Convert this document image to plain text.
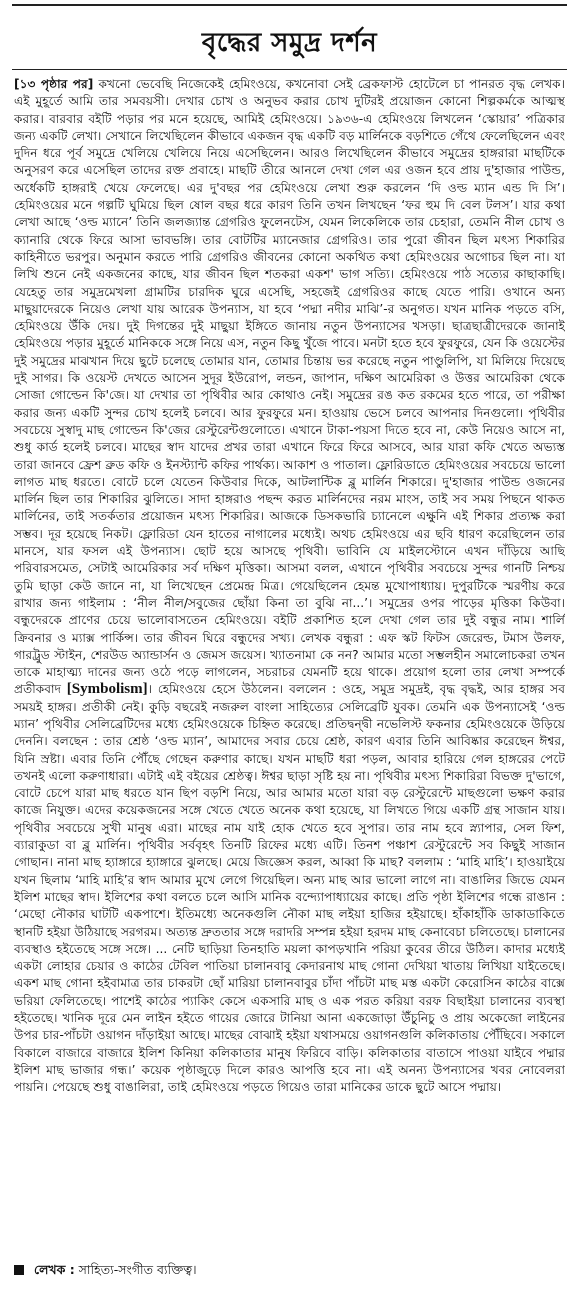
বৃদ্ধের সমুদ্র দর্শন

[১৩ পৃষ্ঠার পর] কখনো ভেবেছি নিজেকেই হেমিংওয়ে, কখনোবা সেই ব্রেকফাস্ট হোটেলে চা পানরত বৃদ্ধ লেখক। এই মুহূর্তে আমি তার সমবয়সী। দেখার চোখ ও অনুভব করার চোখ দুটিরই প্রয়োজন কোনো শিল্পকর্মকে আত্মস্থ করার। বারবার বইটি পড়ার পর মনে হয়েছে, আমিই হেমিংওয়ে। ১৯৩৬-এ হেমিংওয়ে লিখলেন ‘স্কোয়ার’ পত্রিকার জন্য একটি লেখা। সেখানে লিখেছিলেন কীভাবে একজন বৃদ্ধ একটি বড় মার্লিনকে বড়শিতে গেঁথে ফেলেছিলেন এবং দুদিন ধরে পূর্ব সমুদ্রে খেলিয়ে খেলিয়ে নিয়ে এসেছিলেন। আরও লিখেছিলেন কীভাবে সমুদ্রের হাঙ্গরারা মাছটিকে অনুসরণ করে এসেছিল তাদের রক্ত প্রবাহে। মাছটি তীরে আনলে দেখা গেল এর ওজন হবে প্রায় দু'হাজার পাউন্ড, অর্ধেকটি হাঙ্গরাই খেয়ে ফেলেছে। এর দু'বছর পর হেমিংওয়ে লেখা শুরু করলেন ‘দি ওল্ড ম্যান এন্ড দি সি’। হেমিংওয়ের মনে গল্পটি ঘুমিয়ে ছিল ষোল বছর ধরে কারণ তিনি তখন লিখছেন ‘ফর হুম দি বেল টলস’। যার কথা লেখা আছে ‘ওল্ড ম্যানে’ তিনি জলজ্যান্ত গ্রেগরিও ফুলেনটেস, যেমন লিকেলিকে তার চেহারা, তেমনি নীল চোখ ও ক্যানারি থেকে ফিরে আসা ভাবভঙ্গি। তার বোটটির ম্যানেজার গ্রেগরিও। তার পুরো জীবন ছিল মৎস্য শিকারির কাহিনীতে ভরপুর। অনুমান করতে পারি গ্রেগরিও জীবনের কোনো অকথিত কথা হেমিংওয়ের অগোচর ছিল না। যা লিখি শুনে নেই একজনের কাছে, যার জীবন ছিল শতকরা একশ' ভাগ সত্যি। হেমিংওয়ে পাঠ সত্যের কাছাকাছি। যেহেতু তার সমুদ্রমেখলা গ্রামটির চারদিক ঘুরে এসেছি, সহজেই গ্রেগরিওর কাছে যেতে পারি। ওখানে অন্য মাছুয়াদেরকে নিয়েও লেখা যায় আরেক উপন্যাস, যা হবে ‘পদ্মা নদীর মাঝি’-র অনুগত। যখন মানিক পড়তে বসি, হেমিংওয়ে উঁকি দেয়। দুই দিগন্তের দুই মাছুয়া ইঙ্গিতে জানায় নতুন উপন্যাসের খসড়া। ছাত্রছাত্রীদেরকে জানাই হেমিংওয়ে পড়ার মুহূর্তে মানিককে সঙ্গে নিয়ে এস, নতুন কিছু খুঁজে পাবে। মনটা হতে হবে ফুরফুরে, যেন কি ওয়েস্টের দুই সমুদ্রের মাঝখান দিয়ে ছুটে চলেছে তোমার যান, তোমার চিন্তায় ভর করেছে নতুন পাণ্ডুলিপি, যা মিলিয়ে দিয়েছে দুই সাগর। কি ওয়েস্ট দেখতে আসেন সুদূর ইউরোপ, লন্ডন, জাপান, দক্ষিণ আমেরিকা ও উত্তর আমেরিকা থেকে সোজা গোল্ডেন কি'জে। যা দেখার তা পৃথিবীর আর কোথাও নেই। সমুদ্রের রঙ কত রকমের হতে পারে, তা পরীক্ষা করার জন্য একটি সুন্দর চোখ হলেই চলবে। আর ফুরফুরে মন। হাওয়ায় ভেসে চলবে আপনার দিনগুলো। পৃথিবীর সবচেয়ে সুস্বাদু মাছ গোল্ডেন কি'জের রেস্টুরেন্টগুলোতে। এখানে টাকা-পয়সা দিতে হবে না, কেউ নিয়েও আসে না, শুধু কার্ড হলেই চলবে। মাছের স্বাদ যাদের প্রখর তারা এখানে ফিরে ফিরে আসবে, আর যারা কফি খেতে অভ্যস্ত তারা জানবে ফ্রেশ ব্রুড কফি ও ইনস্ট্যান্ট কফির পার্থক্য। আকাশ ও পাতাল। ফ্লোরিডাতে হেমিংওয়ের সবচেয়ে ভালো লাগত মাছ ধরতে। বোটে চলে যেতেন কিউবার দিকে, আটলান্টিক ব্লু মার্লিন শিকারে। দু'হাজার পাউন্ড ওজনের মার্লিন ছিল তার শিকারির ঝুলিতে। সাদা হাঙ্গরাও পছন্দ করত মার্লিনদের নরম মাংস, তাই সব সময় পিছনে থাকত মার্লিনের, তাই সতর্কতার প্রয়োজন মৎস্য শিকারির। আজকে ডিসকভারি চ্যানেলে এক্ষুনি এই শিকার প্রত্যক্ষ করা সম্ভব। দূর হয়েছে নিকট। ফ্লোরিডা যেন হাতের নাগালের মধ্যেই। অথচ হেমিংওয়ে এর ছবি ধারণ করেছিলেন তার মানসে, যার ফসল এই উপন্যাস। ছোট হয়ে আসছে পৃথিবী। ভাবিনি যে মাইলস্টোনে এখন দাঁড়িয়ে আছি পরিবারসমেত, সেটাই আমেরিকার সর্ব দক্ষিণ মৃত্তিকা। আসমা বলল, এখানে পৃথিবীর সবচেয়ে সুন্দর গানটি নিশ্চয় তুমি ছাড়া কেউ জানে না, যা লিখেছেন প্রেমেন্দ্র মিত্র। গেয়েছিলেন হেমন্ত মুখোপাধ্যায়। দুপুরটিকে স্মরণীয় করে রাখার জন্য গাইলাম : ‘নীল নীল/সবুজের ছোঁয়া কিনা তা বুঝি না...’। সমুদ্রের ওপর পাড়ের মৃত্তিকা কিউবা। বন্ধুদেরকে প্রাণের চেয়ে ভালোবাসতেন হেমিংওয়ে। বইটি প্রকাশিত হলে দেখা গেল তার দুই বন্ধুর নাম। শার্লি ক্রিবনার ও ম্যাক্স পার্কিন্স। তার জীবন ঘিরে বন্ধুদের সখ্য। লেখক বন্ধুরা : এফ স্কট ফিটস জেরেল্ড, টমাস উলফ, গারট্রুড স্টাইন, শেরউড অ্যান্ডার্সন ও জেমস জয়েস। খ্যাতনামা কে নন? আমার মতো সম্ভলহীন সমালোচকরা তখন তাকে মাহাত্ম্য দানের জন্য ওঠে পড়ে লাগলেন, সচরাচর যেমনটি হয়ে থাকে। প্রয়োগ হলো তার লেখা সম্পর্কে প্রতীকবাদ [Symbolism]। হেমিংওয়ে হেসে উঠলেন। বললেন : ওহে, সমুদ্র সমুদ্রই, বৃদ্ধ বৃদ্ধই, আর হাঙ্গর সব সময়ই হাঙ্গর। প্রতীকী নেই। কুড়ি বছরেই নজরুল বাংলা সাহিত্যের সেলিব্রেটি যুবক। তেমনি এক উপন্যাসেই ‘ওল্ড ম্যান’ পৃথিবীর সেলিব্রেটিদের মধ্যে হেমিংওয়েকে চিহ্নিত করেছে। প্রতিদ্বন্দ্বী নভেলিস্ট ফকনার হেমিংওয়েকে উড়িয়ে দেননি। বলছেন : তার শ্রেষ্ঠ ‘ওল্ড ম্যান’, আমাদের সবার চেয়ে শ্রেষ্ঠ, কারণ এবার তিনি আবিষ্কার করেছেন ঈশ্বর, যিনি স্রষ্টা। এবার তিনি পৌঁছে গেছেন করুণার কাছে। যখন মাছটি ধরা পড়ল, আবার হারিয়ে গেল হাঙ্গরের পেটে তখনই এলো করুণাধারা। এটাই এই বইয়ের শ্রেষ্ঠত্ব। ঈশ্বর ছাড়া সৃষ্টি হয় না। পৃথিবীর মৎস্য শিকারিরা বিভক্ত দু'ভাগে, বোটে চেপে যারা মাছ ধরতে যান ছিপ বড়শি নিয়ে, আর আমার মতো যারা বড় রেস্টুরেন্টে মাছগুলো ভক্ষণ করার কাজে নিযুক্ত। এদের কয়েকজনের সঙ্গে খেতে খেতে অনেক কথা হয়েছে, যা লিখতে গিয়ে একটি গ্রন্থ সাজান যায়। পৃথিবীর সবচেয়ে সুখী মানুষ এরা। মাছের নাম যাই হোক খেতে হবে সুপার। তার নাম হবে স্ন্যাপার, সেল ফিশ, ব্যারাকুডা বা ব্লু মার্লিন। পৃথিবীর সর্ববৃহৎ তিনটি রিফের মধ্যে এটি। তিনশ পঞ্চাশ রেস্টুরেন্টে সব কিছুই সাজান গোছান। নানা মাছ হ্যাঙ্গারে হ্যাঙ্গারে ঝুলছে। মেয়ে জিজ্ঞেস করল, আব্বা কি মাছ? বললাম : ‘মাহি মাহি’। হাওয়াইয়ে যখন ছিলাম ‘মাহি মাহি’র স্বাদ আমার মুখে লেগে গিয়েছিল। অন্য মাছ আর ভালো লাগে না। বাঙালির জিভে যেমন ইলিশ মাছের স্বাদ। ইলিশের কথা বলতে চলে আসি মানিক বন্দ্যোপাধ্যায়ের কাছে। প্রতি পৃষ্ঠা ইলিশের গন্ধে রাঙান : ‘মেছো নৌকার ঘাটটি একপাশে। ইতিমধ্যে অনেকগুলি নৌকা মাছ লইয়া হাজির হইয়াছে। হাঁকাহাঁকি ডাকাডাকিতে স্থানটি হইয়া উঠিয়াছে সরগরম। অত্যন্ত দ্রুততার সঙ্গে দরাদরি সম্পন্ন হইয়া হরদম মাছ কেনাবেচা চলিতেছে। চালানের ব্যবস্থাও হইতেছে সঙ্গে সঙ্গে। ... নেটি ছাড়িয়া তিনহাতি ময়লা কাপড়খানি পরিয়া কুবের তীরে উঠিল। কাদার মধ্যেই একটা লোহার চেয়ার ও কাঠের টেবিল পাতিয়া চালানবাবু কেদারনাথ মাছ গোনা দেখিয়া খাতায় লিখিয়া যাইতেছে। একশ মাছ গোনা হইবামাত্র তার চাকরটা ছোঁ মারিয়া চালানবাবুর চাঁদা পাঁচটা মাছ মস্ত একটা কেরোসিন কাঠের বাক্সে ভরিয়া ফেলিতেছে। পাশেই কাঠের প্যাকিং কেসে একসারি মাছ ও এক পরত করিয়া বরফ বিছাইয়া চালানের ব্যবস্থা হইতেছে। খানিক দূরে মেন লাইন হইতে গায়ের জোরে টানিয়া আনা একজোড়া উঁচুনিচু ও প্রায় অকেজো লাইনের উপর চার-পাঁচটা ওয়াগন দাঁড়াইয়া আছে। মাছের বোঝাই হইয়া যথাসময়ে ওয়াগনগুলি কলিকাতায় পৌঁছিবে। সকালে বিকালে বাজারে বাজারে ইলিশ কিনিয়া কলিকাতার মানুষ ফিরিবে বাড়ি। কলিকাতার বাতাসে পাওয়া যাইবে পদ্মার ইলিশ মাছ ভাজার গন্ধ।’ কয়েক পৃষ্ঠাজুড়ে দিলে কারও আপত্তি হবে না। এই অনন্য উপন্যাসের খবর নোবেলরা পায়নি। পেয়েছে শুধু বাঙালিরা, তাই হেমিংওয়ে পড়তে গিয়েও তারা মানিকের ডাকে ছুটে আসে পদ্মায়।

লেখক : সাহিত্য-সংগীত ব্যক্তিত্ব।
